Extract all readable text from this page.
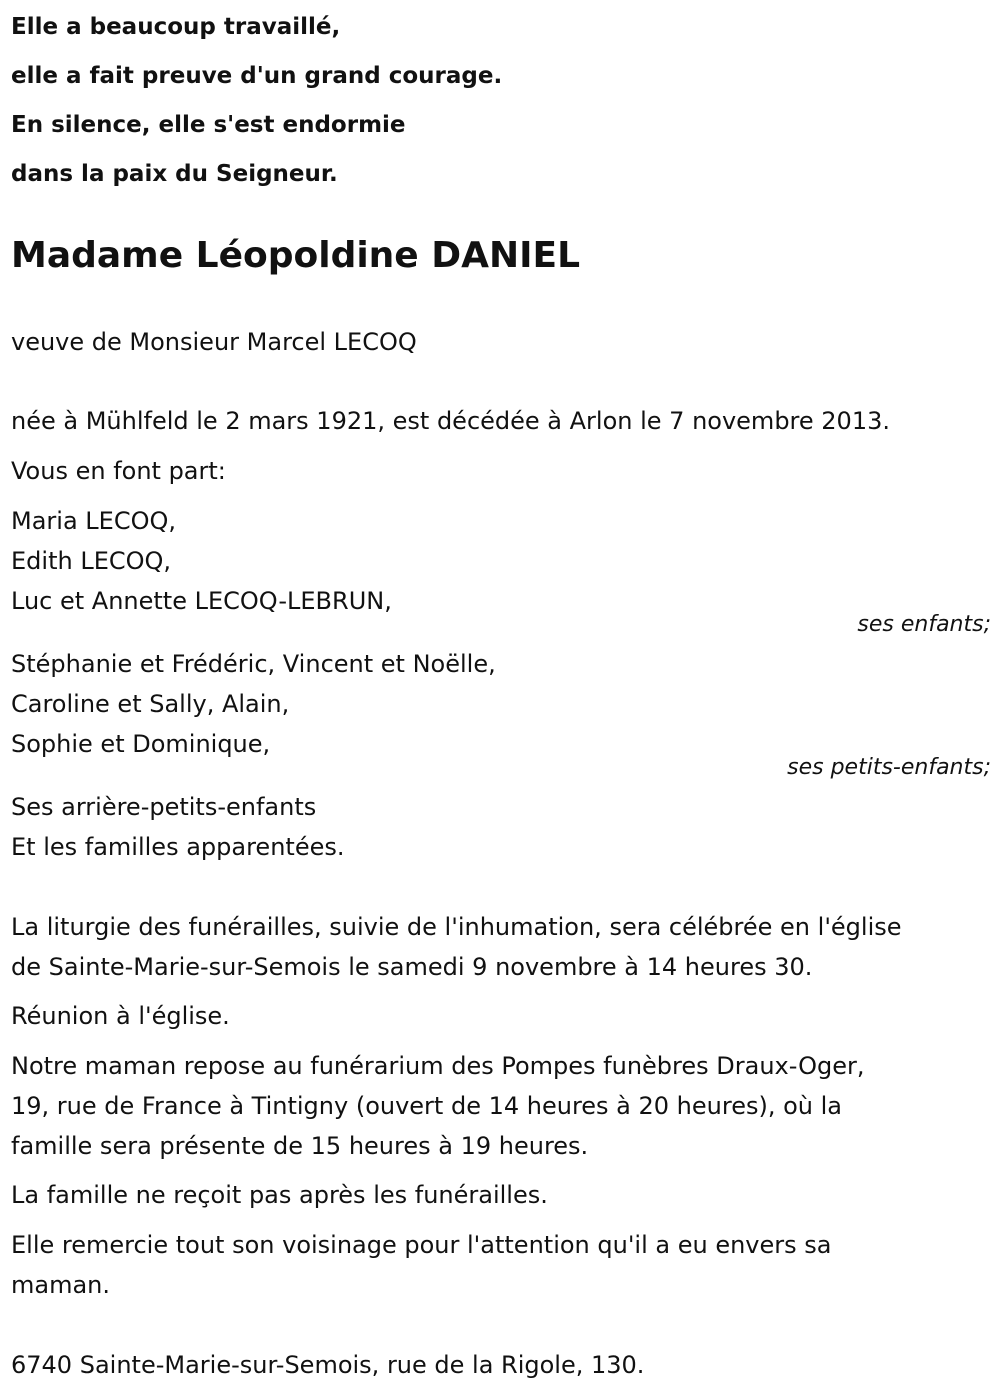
Elle a beaucoup travaillé,
elle a fait preuve d'un grand courage.
En silence, elle s'est endormie
dans la paix du Seigneur.
Madame Léopoldine DANIEL
veuve de Monsieur Marcel LECOQ
née à Mühlfeld le 2 mars 1921, est décédée à Arlon le 7 novembre 2013.
Vous en font part:
Maria LECOQ,
Edith LECOQ,
Luc et Annette LECOQ-LEBRUN,
ses enfants;
Stéphanie et Frédéric, Vincent et Noëlle,
Caroline et Sally, Alain,
Sophie et Dominique,
ses petits-enfants;
Ses arrière-petits-enfants
Et les familles apparentées.
La liturgie des funérailles, suivie de l'inhumation, sera célébrée en l'église
de Sainte-Marie-sur-Semois le samedi 9 novembre à 14 heures 30.
Réunion à l'église.
Notre maman repose au funérarium des Pompes funèbres Draux-Oger,
19, rue de France à Tintigny (ouvert de 14 heures à 20 heures), où la
famille sera présente de 15 heures à 19 heures.
La famille ne reçoit pas après les funérailles.
Elle remercie tout son voisinage pour l'attention qu'il a eu envers sa
maman.
6740 Sainte-Marie-sur-Semois, rue de la Rigole, 130.
